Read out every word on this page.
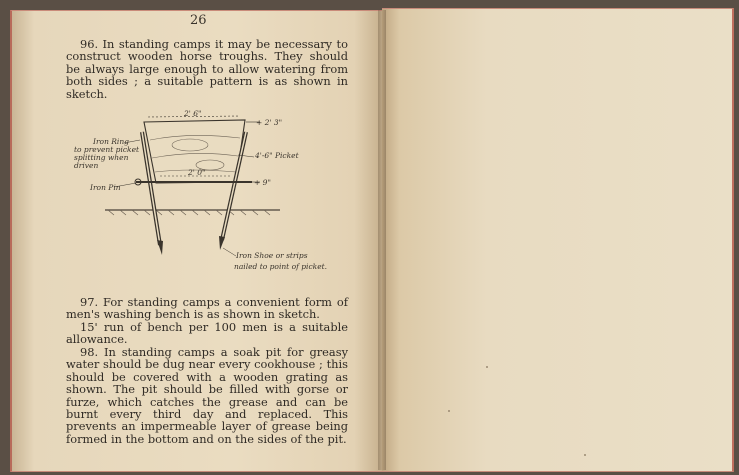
26

96. In standing camps it may be necessary to construct wooden horse troughs. They should be always large enough to allow watering from both sides ; a suitable pattern is as shown in sketch.

2' 6"
+ 2' 3"
2' 0"
+ 9"
4'-6" Picket
Iron Ring
to prevent picket
splitting when
driven
Iron Pin
Iron Shoe or strips
nailed to point of picket.

97. For standing camps a convenient form of men's washing bench is as shown in sketch.
15' run of bench per 100 men is a suitable allowance.

98. In standing camps a soak pit for greasy water should be dug near every cookhouse ; this should be covered with a wooden grating as shown. The pit should be filled with gorse or furze, which catches the grease and can be burnt every third day and replaced. This prevents an impermeable layer of grease being formed in the bottom and on the sides of the pit.
